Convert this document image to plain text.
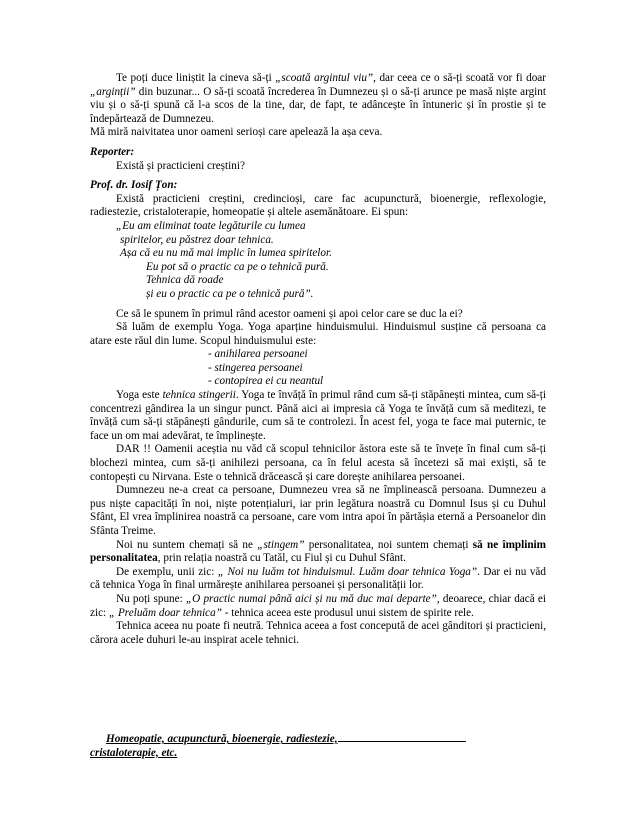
Te poți duce liniștit la cineva să-ți „scoată argintul viu”, dar ceea ce o să-ți scoată vor fi doar „arginții” din buzunar... O să-ți scoată încrederea în Dumnezeu și o să-ți arunce pe masă niște argint viu și o să-ți spună că l-a scos de la tine, dar, de fapt, te adâncește în întuneric și în prostie și te îndepărtează de Dumnezeu.

Mă miră naivitatea unor oameni serioși care apelează la așa ceva.

Reporter:

Există și practicieni creștini?

Prof. dr. Iosif Țon:

Există practicieni creștini, credincioși, care fac acupunctură, bioenergie, reflexologie, radiestezie, cristaloterapie, homeopatie și altele asemănătoare. Ei spun:

„Eu am eliminat toate legăturile cu lumea

spiritelor, eu păstrez doar tehnica.

Așa că eu nu mă mai implic în lumea spiritelor.

Eu pot să o practic ca pe o tehnică pură.

Tehnica dă roade

și eu o practic ca pe o tehnică pură”.

Ce să le spunem în primul rând acestor oameni și apoi celor care se duc la ei?

Să luăm de exemplu Yoga. Yoga aparține hinduismului. Hinduismul susține că persoana ca atare este răul din lume. Scopul hinduismului este:

- anihilarea persoanei

- stingerea persoanei

- contopirea ei cu neantul

Yoga este tehnica stingerii. Yoga te învăță în primul rând cum să-ți stăpânești mintea, cum să-ți concentrezi gândirea la un singur punct. Până aici ai impresia că Yoga te învăță cum să meditezi, te învăță cum să-ți stăpânești gândurile, cum să te controlezi. În acest fel, yoga te face mai puternic, te face un om mai adevărat, te împlinește.

DAR !! Oamenii aceștia nu văd că scopul tehnicilor ăstora este să te învețe în final cum să-ți blochezi mintea, cum să-ți anihilezi persoana, ca în felul acesta să încetezi să mai exiști, să te contopești cu Nirvana. Este o tehnică drăcească și care dorește anihilarea persoanei.

Dumnezeu ne-a creat ca persoane, Dumnezeu vrea să ne împlinească persoana. Dumnezeu a pus niște capacități în noi, niște potențialuri, iar prin legătura noastră cu Domnul Isus și cu Duhul Sfânt, El vrea împlinirea noastră ca persoane, care vom intra apoi în părtășia eternă a Persoanelor din Sfânta Treime.

Noi nu suntem chemați să ne „stingem” personalitatea, noi suntem chemați să ne împlinim personalitatea, prin relația noastră cu Tatăl, cu Fiul și cu Duhul Sfânt.

De exemplu, unii zic: „ Noi nu luăm tot hinduismul. Luăm doar tehnica Yoga”. Dar ei nu văd că tehnica Yoga în final urmărește anihilarea persoanei și personalității lor.

Nu poți spune: „O practic numai până aici și nu mă duc mai departe”, deoarece, chiar dacă ei zic: „ Preluăm doar tehnica” - tehnica aceea este produsul unui sistem de spirite rele.

Tehnica aceea nu poate fi neutră. Tehnica aceea a fost concepută de acei gânditori și practicieni, cărora acele duhuri le-au inspirat acele tehnici.

Homeopatie, acupunctură, bioenergie, radiestezie,
cristaloterapie, etc.
